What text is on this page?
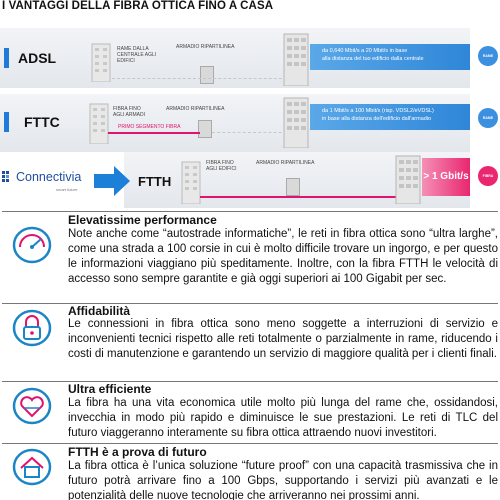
I VANTAGGI DELLA FIBRA OTTICA FINO A CASA
ADSL
RAME DALLA CENTRALE AGLI EDIFICI
ARMADIO RIPARTILINEA
da 0,640 Mbit/s a 20 Mbit/s in base
alla distanza del tuo edificio dalla centrale	RAME
FTTC
FIBRA FINO AGLI ARMADI
ARMADIO RIPARTILINEA
PRIMO SEGMENTO FIBRA
da 1 Mbit/s a 100 Mbit/s (risp. VDSL2/eVDSL)
in base alla distanza dell'edificio dall'armadio	RAME
FTTH
FIBRA FINO AGLI EDIFICI
ARMADIO RIPARTILINEA
> 1 Gbit/s	FIBRA
Connectivia
smart future
Elevatissime performance
Note anche come “autostrade informatiche”, le reti in fibra ottica sono “ultra larghe”, come una strada a 100 corsie in cui è molto difficile trovare un ingorgo, e per questo le informazioni viaggiano più speditamente. Inoltre, con la fibra FTTH le velocità di accesso sono sempre garantite e già oggi superiori ai 100 Gigabit per sec.
Affidabilità
Le connessioni in fibra ottica sono meno soggette a interruzioni di servizio e inconvenienti tecnici rispetto alle reti totalmente o parzialmente in rame, riducendo i costi di manutenzione e garantendo un servizio di maggiore qualità per i clienti finali.
Ultra efficiente
La fibra ha una vita economica utile molto più lunga del rame che, ossidandosi, invecchia in modo più rapido e diminuisce le sue prestazioni. Le reti di TLC del futuro viaggeranno interamente su fibra ottica attraendo nuovi investitori.
FTTH è a prova di futuro
La fibra ottica è l’unica soluzione “future proof” con una capacità trasmissiva che in futuro potrà arrivare fino a 100 Gbps, supportando i servizi più avanzati e le potenzialità delle nuove tecnologie che arriveranno nei prossimi anni.
